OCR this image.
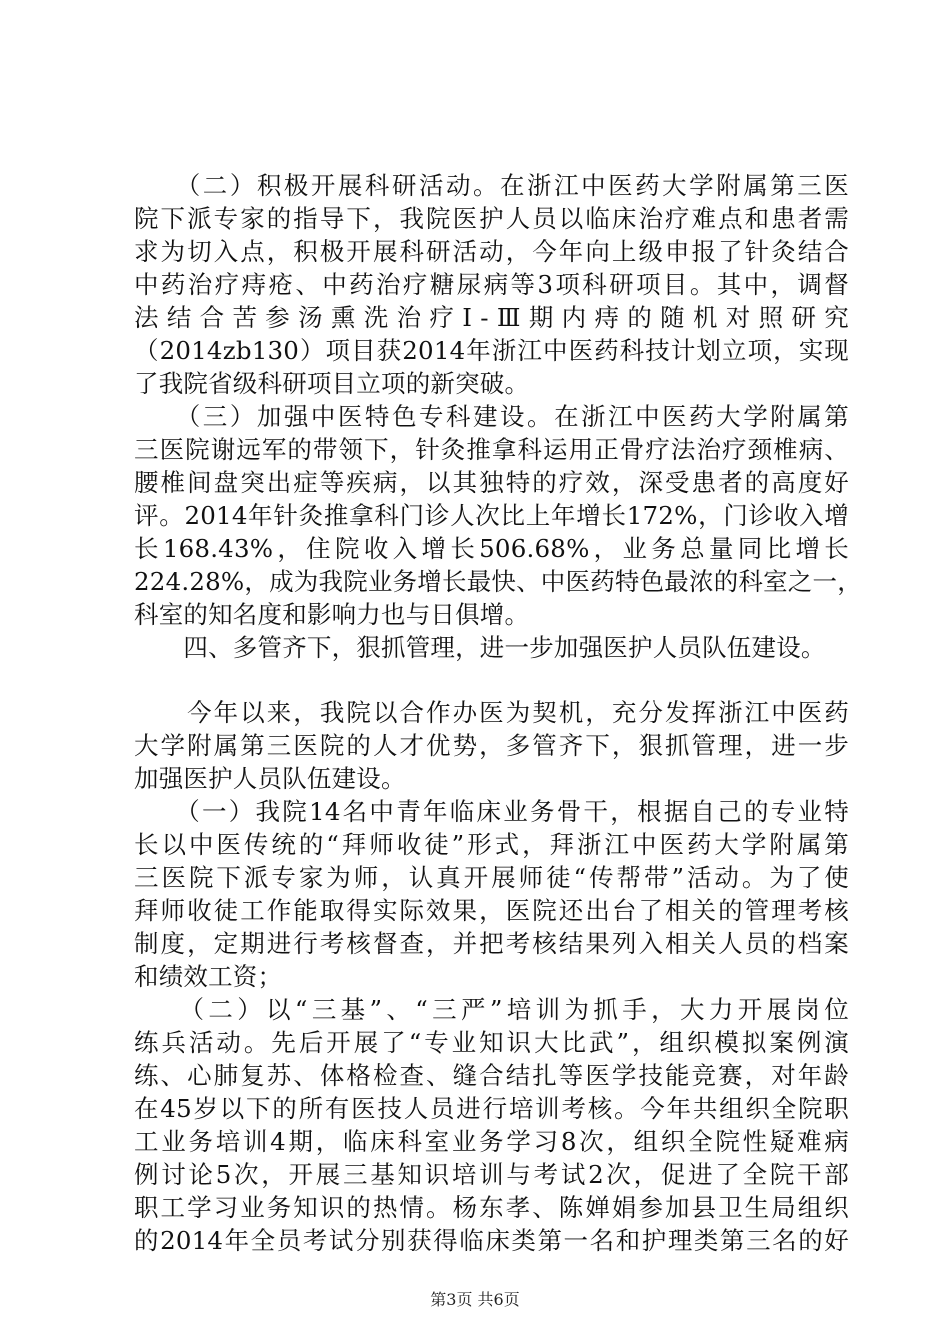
　　（二）积极开展科研活动。在浙江中医药大学附属第三医
院下派专家的指导下，我院医护人员以临床治疗难点和患者需
求为切入点，积极开展科研活动，今年向上级申报了针灸结合
中药治疗痔疮、中药治疗糖尿病等3项科研项目。其中，调督
法结合苦参汤熏洗治疗Ⅰ-Ⅲ期内痔的随机对照研究
（2014zb130）项目获2014年浙江中医药科技计划立项，实现
了我院省级科研项目立项的新突破。
　　（三）加强中医特色专科建设。在浙江中医药大学附属第
三医院谢远军的带领下，针灸推拿科运用正骨疗法治疗颈椎病、
腰椎间盘突出症等疾病，以其独特的疗效，深受患者的高度好
评。2014年针灸推拿科门诊人次比上年增长172%，门诊收入增
长168.43%，住院收入增长506.68%，业务总量同比增长
224.28%，成为我院业务增长最快、中医药特色最浓的科室之一，
科室的知名度和影响力也与日俱增。
　　四、多管齐下，狠抓管理，进一步加强医护人员队伍建设。
　　今年以来，我院以合作办医为契机，充分发挥浙江中医药
大学附属第三医院的人才优势，多管齐下，狠抓管理，进一步
加强医护人员队伍建设。
　　（一）我院14名中青年临床业务骨干，根据自己的专业特
长以中医传统的“拜师收徒”形式，拜浙江中医药大学附属第
三医院下派专家为师，认真开展师徒“传帮带”活动。为了使
拜师收徒工作能取得实际效果，医院还出台了相关的管理考核
制度，定期进行考核督查，并把考核结果列入相关人员的档案
和绩效工资；
　　（二）以“三基”、“三严”培训为抓手，大力开展岗位
练兵活动。先后开展了“专业知识大比武”，组织模拟案例演
练、心肺复苏、体格检查、缝合结扎等医学技能竞赛，对年龄
在45岁以下的所有医技人员进行培训考核。今年共组织全院职
工业务培训4期，临床科室业务学习8次，组织全院性疑难病
例讨论5次，开展三基知识培训与考试2次，促进了全院干部
职工学习业务知识的热情。杨东孝、陈婵娟参加县卫生局组织
的2014年全员考试分别获得临床类第一名和护理类第三名的好
第3页 共6页
